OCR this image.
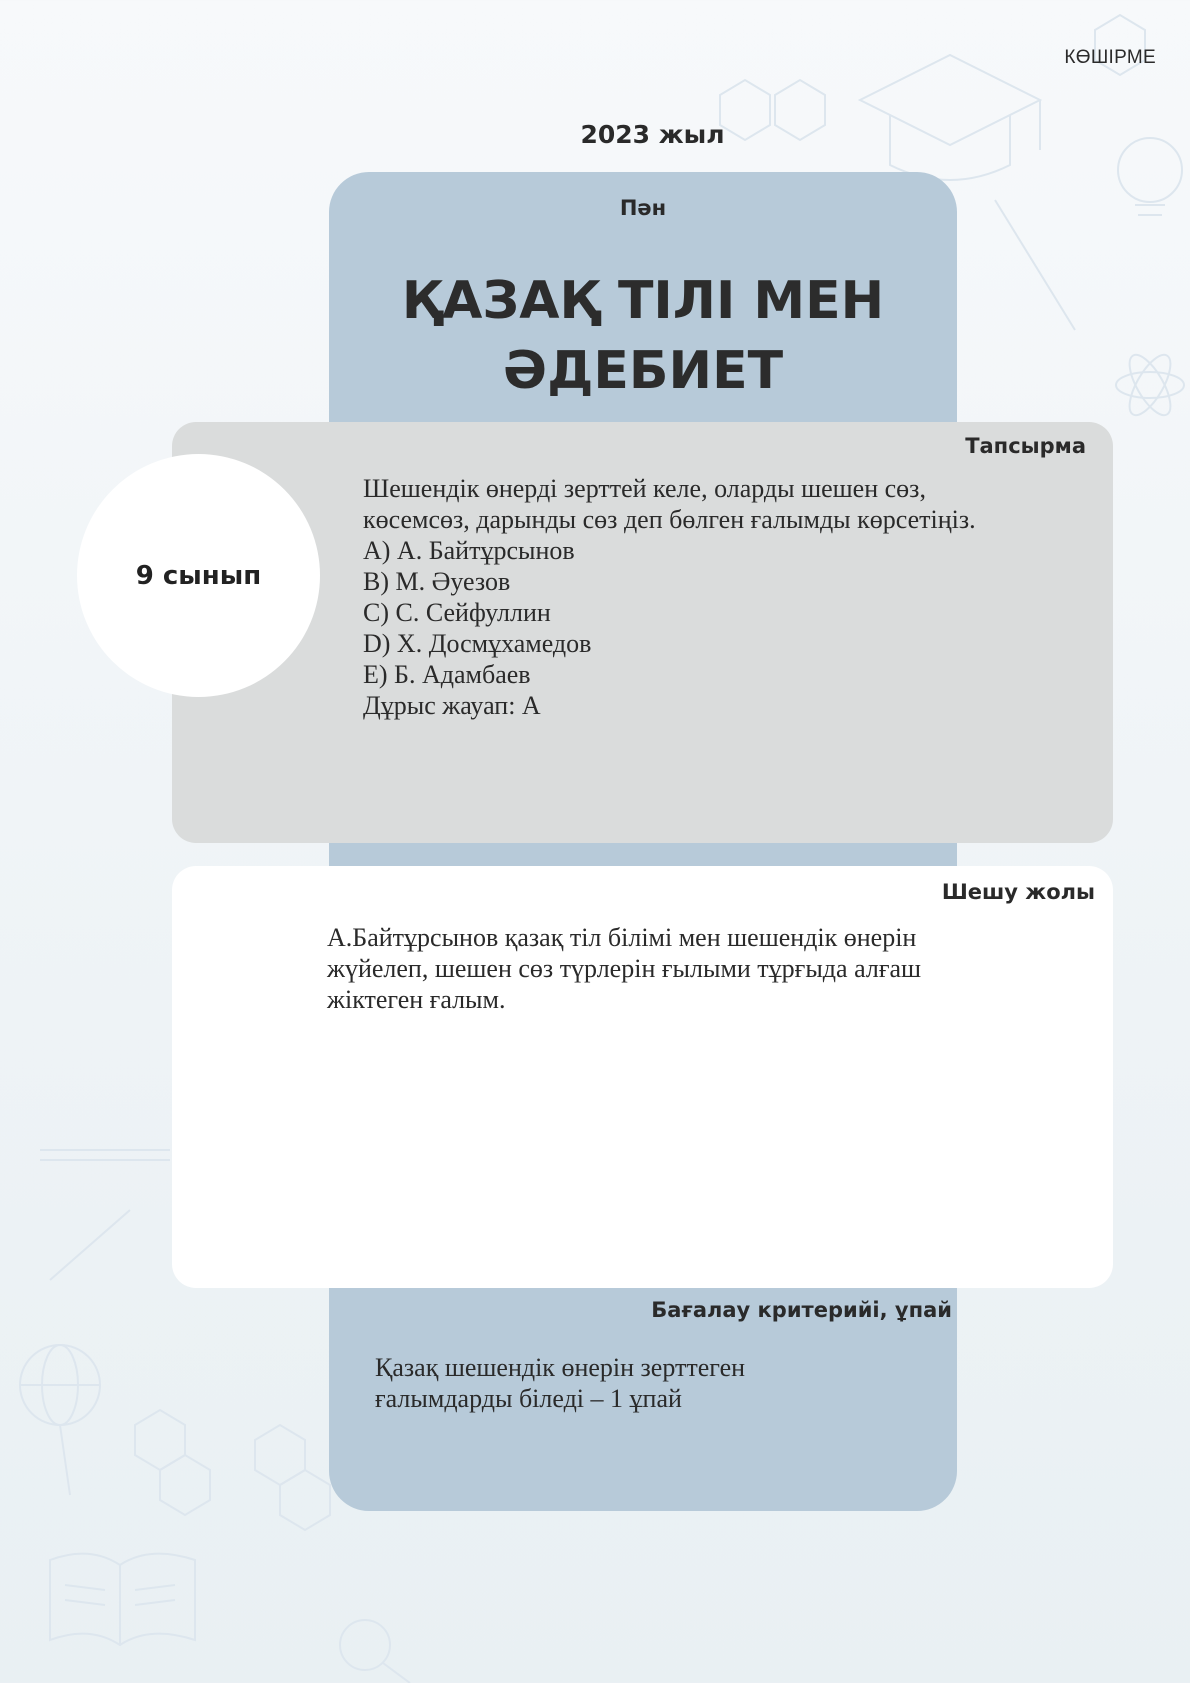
КӨШІРМЕ
2023 жыл
Пән
ҚАЗАҚ ТІЛІ МЕН
ӘДЕБИЕТ
Тапсырма
Шешендік өнерді зерттей келе, оларды шешен сөз,
көсемсөз, дарынды сөз деп бөлген ғалымды көрсетіңіз.
A) А. Байтұрсынов
B) М. Әуезов
C) С. Сейфуллин
D) Х. Досмұхамедов
E) Б. Адамбаев
Дұрыс жауап: A
9 сынып
Шешу жолы
А.Байтұрсынов қазақ тіл білімі мен шешендік өнерін
жүйелеп, шешен сөз түрлерін ғылыми тұрғыда алғаш
жіктеген ғалым.
Бағалау критерийі, ұпай
Қазақ шешендік өнерін зерттеген
ғалымдарды біледі – 1 ұпай
